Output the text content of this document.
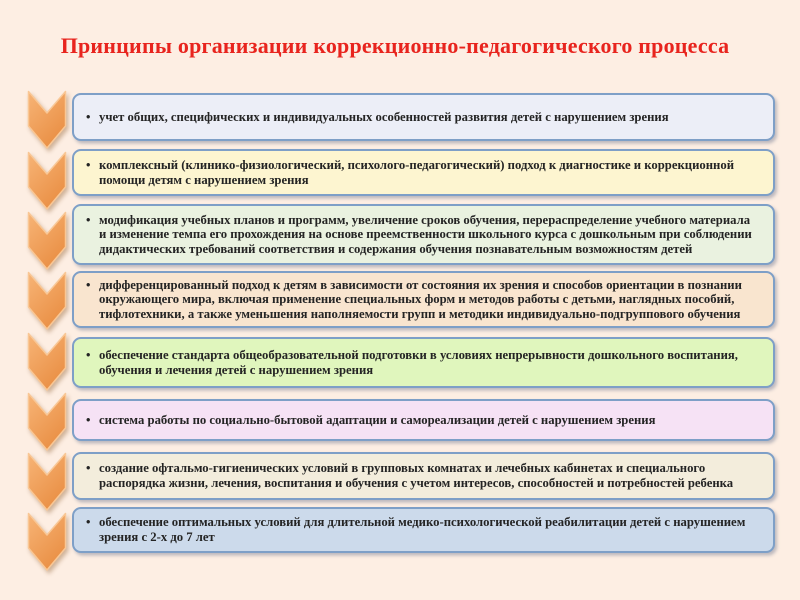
Принципы организации коррекционно-педагогического процесса
•
учет общих, специфических и индивидуальных особенностей развития детей с нарушением зрения
•
комплексный (клинико-физиологический, психолого-педагогический) подход к диагностике и коррекционной помощи детям с нарушением зрения
•
модификация учебных планов и программ, увеличение сроков обучения, перераспределение учебного материала и изменение темпа его прохождения на основе преемственности школьного курса с дошкольным при соблюдении дидактических требований соответствия и содержания обучения познавательным возможностям детей
•
дифференцированный подход к детям в зависимости от состояния их зрения и способов ориентации в познании окружающего мира, включая применение специальных форм и методов работы с детьми, наглядных пособий, тифлотехники, а также уменьшения наполняемости групп и методики индивидуально-подгруппового обучения
•
обеспечение стандарта общеобразовательной подготовки в условиях непрерывности дошкольного воспитания, обучения и лечения детей с нарушением зрения
•
система работы по социально-бытовой адаптации и самореализации детей с нарушением зрения
•
создание офтальмо-гигиенических условий в групповых комнатах и лечебных кабинетах и специального распорядка жизни, лечения, воспитания и обучения с учетом интересов, способностей и потребностей ребенка
•
обеспечение оптимальных условий для длительной медико-психологической реабилитации детей с нарушением зрения с 2-х до 7 лет
